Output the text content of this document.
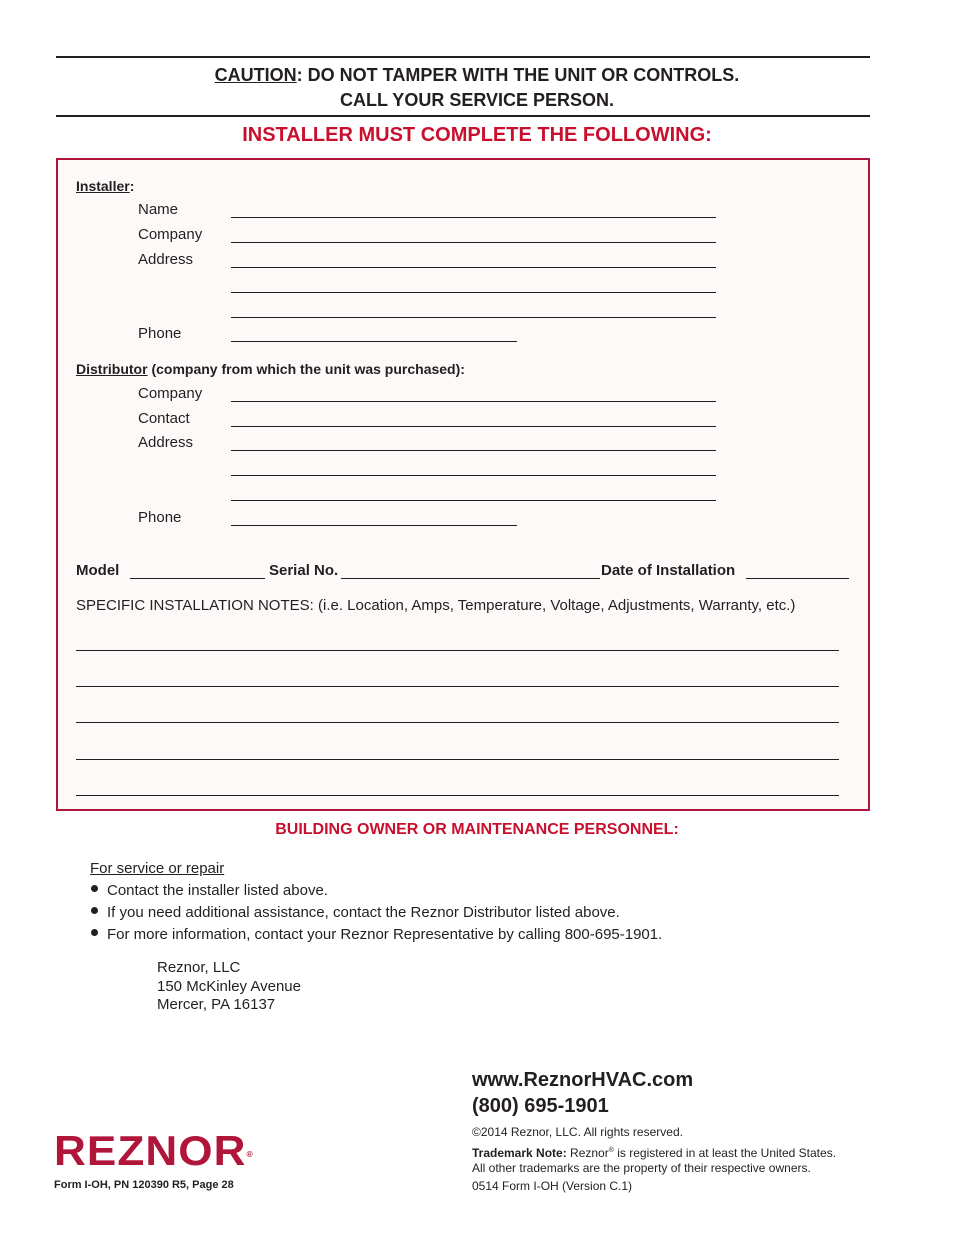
CAUTION: DO NOT TAMPER WITH THE UNIT OR CONTROLS.
CALL YOUR SERVICE PERSON.
INSTALLER MUST COMPLETE THE FOLLOWING:
Installer:
Name
Company
Address
Phone
Distributor (company from which the unit was purchased):
Company
Contact
Address
Phone
Model	Serial No.	Date of Installation
SPECIFIC INSTALLATION NOTES: (i.e. Location, Amps, Temperature, Voltage, Adjustments, Warranty, etc.)
BUILDING OWNER OR MAINTENANCE PERSONNEL:
For service or repair
Contact the installer listed above.
If you need additional assistance, contact the Reznor Distributor listed above.
For more information, contact your Reznor Representative by calling 800-695-1901.
Reznor, LLC
150 McKinley Avenue
Mercer, PA 16137
www.ReznorHVAC.com
(800) 695-1901
©2014 Reznor, LLC. All rights reserved.
Trademark Note: Reznor® is registered in at least the United States.
All other trademarks are the property of their respective owners.
0514 Form I-OH (Version C.1)
REZNOR®
Form I-OH, PN 120390 R5, Page 28
